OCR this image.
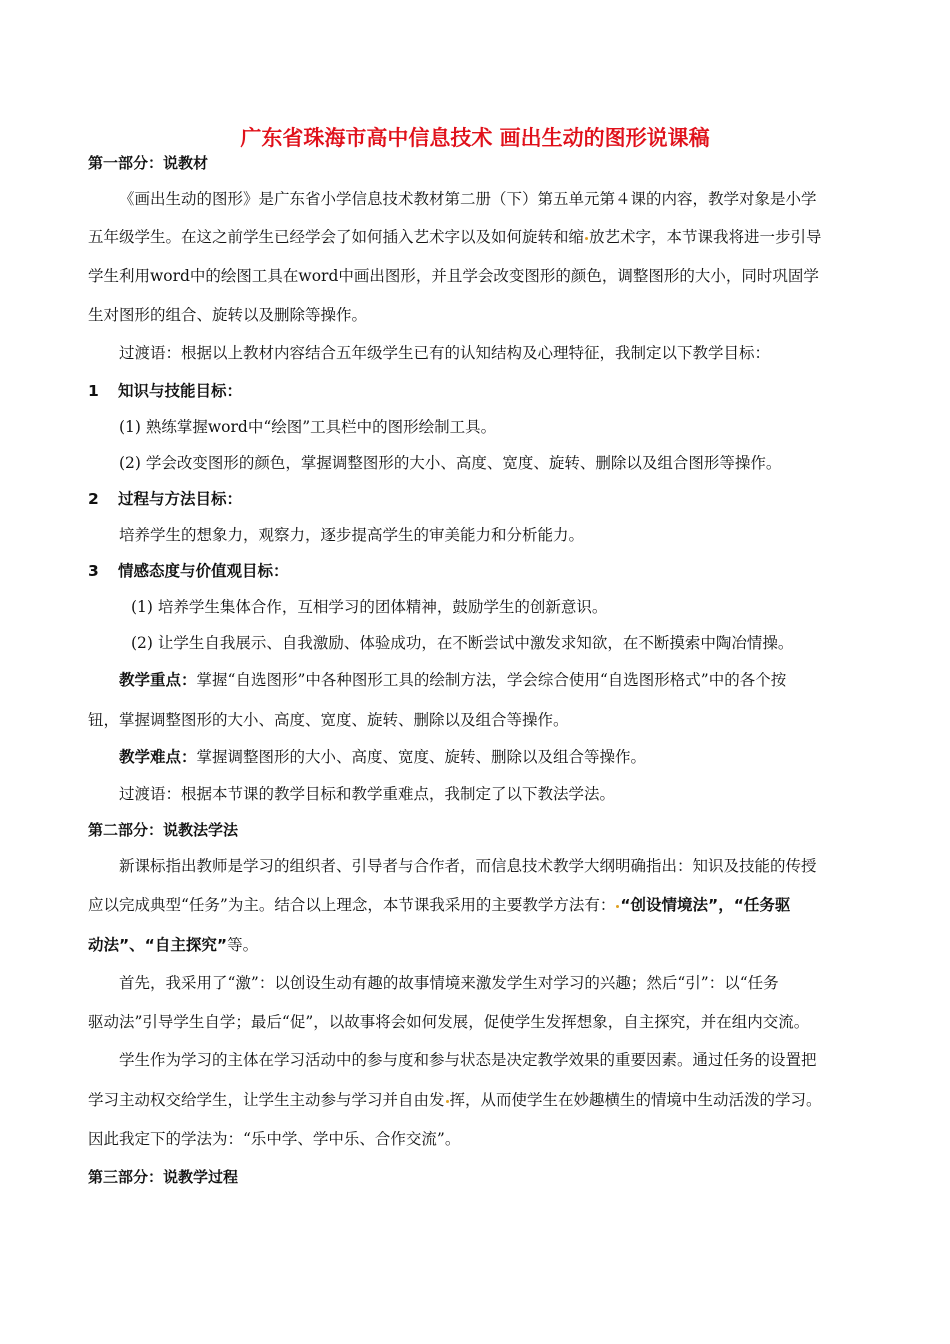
广东省珠海市高中信息技术 画出生动的图形说课稿
第一部分：说教材
《画出生动的图形》是广东省小学信息技术教材第二册（下）第五单元第４课的内容，教学对象是小学
五年级学生。在这之前学生已经学会了如何插入艺术字以及如何旋转和缩 放艺术字，本节课我将进一步引导
学生利用word中的绘图工具在word中画出图形，并且学会改变图形的颜色，调整图形的大小，同时巩固学
生对图形的组合、旋转以及删除等操作。
过渡语：根据以上教材内容结合五年级学生已有的认知结构及心理特征，我制定以下教学目标：
1 知识与技能目标：
(1) 熟练掌握word中“绘图”工具栏中的图形绘制工具。
(2) 学会改变图形的颜色，掌握调整图形的大小、高度、宽度、旋转、删除以及组合图形等操作。
2 过程与方法目标：
培养学生的想象力，观察力，逐步提高学生的审美能力和分析能力。
3 情感态度与价值观目标：
(1) 培养学生集体合作，互相学习的团体精神，鼓励学生的创新意识。
(2) 让学生自我展示、自我激励、体验成功，在不断尝试中激发求知欲，在不断摸索中陶冶情操。
教学重点：掌握“自选图形”中各种图形工具的绘制方法，学会综合使用“自选图形格式”中的各个按
钮，掌握调整图形的大小、高度、宽度、旋转、删除以及组合等操作。
教学难点：掌握调整图形的大小、高度、宽度、旋转、删除以及组合等操作。
过渡语：根据本节课的教学目标和教学重难点，我制定了以下教法学法。
第二部分：说教法学法
新课标指出教师是学习的组织者、引导者与合作者，而信息技术教学大纲明确指出：知识及技能的传授
应以完成典型“任务”为主。结合以上理念，本节课我采用的主要教学方法有： “创设情境法”，“任务驱
动法”、“自主探究”等。
首先，我采用了“激”：以创设生动有趣的故事情境来激发学生对学习的兴趣；然后“引”：以“任务
驱动法”引导学生自学；最后“促”，以故事将会如何发展，促使学生发挥想象，自主探究，并在组内交流。
学生作为学习的主体在学习活动中的参与度和参与状态是决定教学效果的重要因素。通过任务的设置把
学习主动权交给学生，让学生主动参与学习并自由发 挥，从而使学生在妙趣横生的情境中生动活泼的学习。
因此我定下的学法为：“乐中学、学中乐、合作交流”。
第三部分：说教学过程
